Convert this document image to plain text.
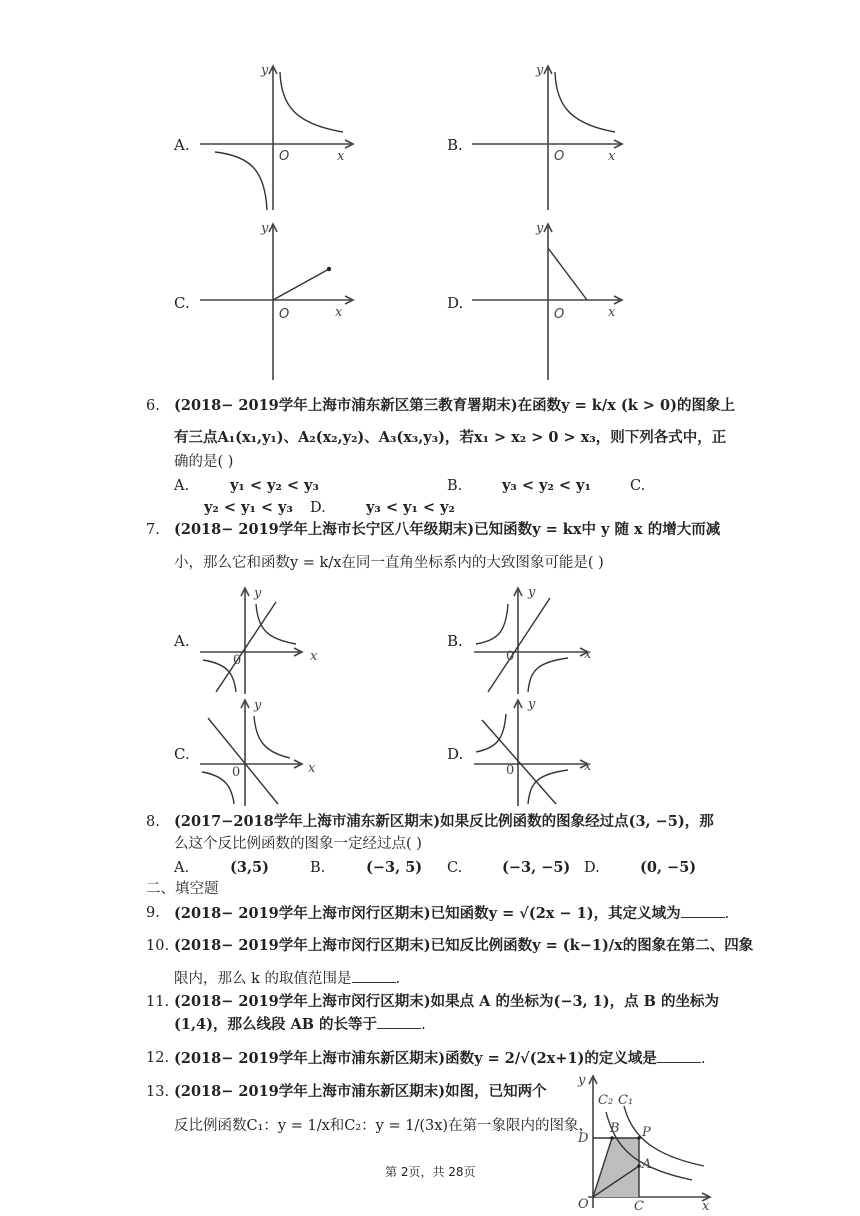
A.
y
x
O
B.
y
x
O
C.
y
x
O
D.
y
x
O
6. (2018− 2019学年上海市浦东新区第三教育署期末)在函数y = k/x (k > 0)的图象上
有三点A₁(x₁,y₁)、A₂(x₂,y₂)、A₃(x₃,y₃)，若x₁ > x₂ > 0 > x₃，则下列各式中，正
确的是( )
A.	y₁ < y₂ < y₃	B.	y₃ < y₂ < y₁	C.
y₂ < y₁ < y₃ D.	y₃ < y₁ < y₂
7. (2018− 2019学年上海市长宁区八年级期末)已知函数y = kx中 y 随 x 的增大而减
小，那么它和函数y = k/x在同一直角坐标系内的大致图象可能是( )
A.
y
x
0
B.
y
x
0
C.
y
x
0
D.
y
x
0
8. (2017−2018学年上海市浦东新区期末)如果反比例函数的图象经过点(3, −5)，那
么这个反比例函数的图象一定经过点( )
A.	(3,5)	B.	(−3, 5) C.	(−3, −5) D.	(0, −5)
二、填空题
9. (2018− 2019学年上海市闵行区期末)已知函数y = √(2x − 1)，其定义域为	.
10. (2018− 2019学年上海市闵行区期末)已知反比例函数y = (k−1)/x的图象在第二、四象
限内，那么 k 的取值范围是	.
11. (2018− 2019学年上海市闵行区期末)如果点 A 的坐标为(−3, 1)，点 B 的坐标为
(1,4)，那么线段 AB 的长等于	.
12. (2018− 2019学年上海市浦东新区期末)函数y = 2/√(2x+1)的定义域是	.
13. (2018− 2019学年上海市浦东新区期末)如图，已知两个
反比例函数C₁：y = 1/x和C₂：y = 1/(3x)在第一象限内的图象，
y
x
C₁
C₂
B P
D
A
O	C
第 2页，共 28页
